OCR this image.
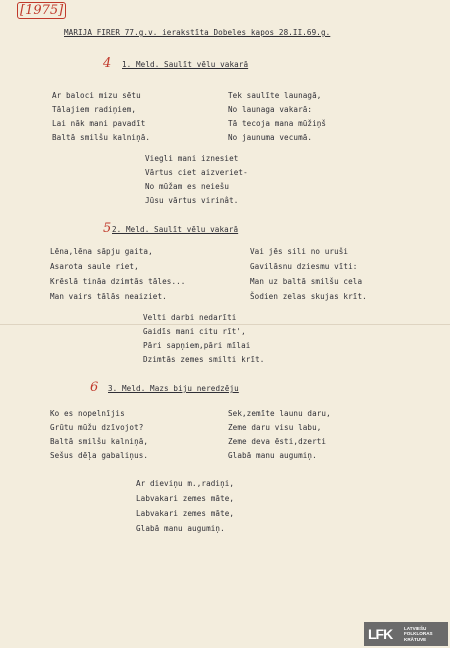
[1975]
MARIJA FIRER 77.g.v. ierakstīta Dobeles kapos 28.II.69.g.
4 1. Meld. Saulīt vēlu vakarā
Ar baloci mizu sētu
Tālajiem radiņiem,
Lai nāk mani pavadīt
Baltā smilšu kalniņā.
Tek saulīte launagā,
No launaga vakarā:
Tā tecoja mana mūžiņš
No jaunuma vecumā.
Viegli mani iznesiet
Vārtus ciet aizveriet-
No mūžam es neiešu
Jūsu vārtus virinât.
5 2. Meld. Saulīt vēlu vakarā
Lēna,lēna sāpju gaita,
Asarota saule riet,
Krēslā tināa dzimtās tāles...
Man vairs tālās neaiziet.
Vai jēs sili no uruši
Gavilāsnu dziesmu vīti:
Man uz baltā smilšu cela
Šodien zelas skujas krīt.
Velti darbi nedarīti
Gaidīs mani citu rīt',
Pāri sapņiem,pāri mīlai
Dzimtās zemes smilti krīt.
6 3. Meld. Mazs biju neredzēju
Ko es nopelnījis
Grūtu mūžu dzīvojot?
Baltā smilšu kalniņā,
Sešus dēļa gabaliņus.
Sek,zemīte launu daru,
Zeme daru visu labu,
Zeme deva ēsti,dzerti
Glabā manu augumiņ.
Ar dieviņu m.,radiņi,
Labvakari zemes māte,
Labvakari zemes māte,
Glabā manu augumiņ.
LFK	LATVIEŠU
FOLKLORAS
KRĀTUVE
